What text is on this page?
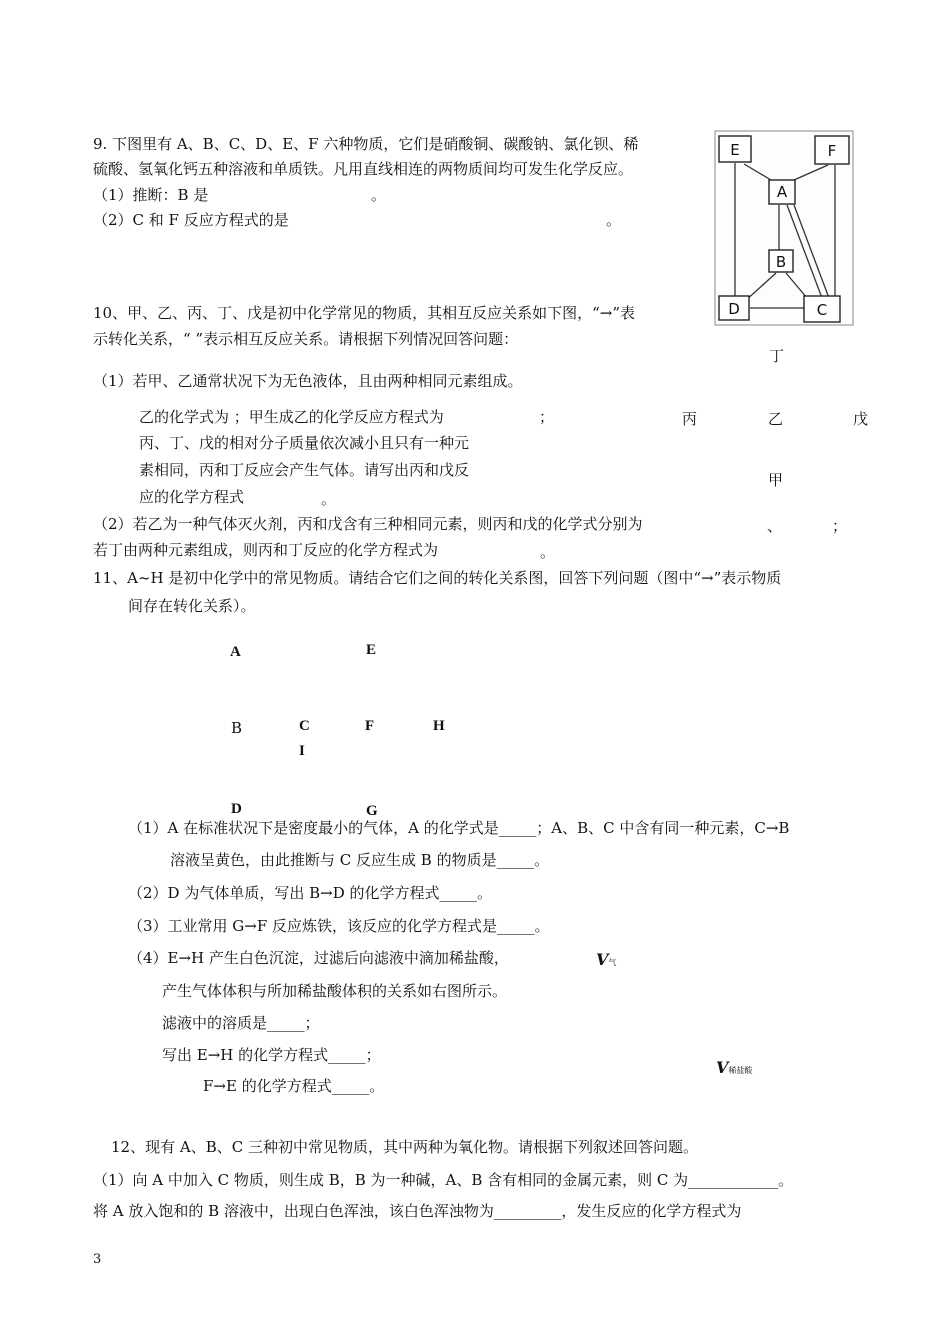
9. 下图里有 A、B、C、D、E、F 六种物质，它们是硝酸铜、碳酸钠、氯化钡、稀
硫酸、氢氧化钙五种溶液和单质铁。凡用直线相连的两物质间均可发生化学反应。
（1）推断：B 是	。
（2）C 和 F 反应方程式的是	。
E	F
A
B
D	C
10、甲、乙、丙、丁、戊是初中化学常见的物质，其相互反应关系如下图，“→”表
示转化关系，“ ”表示相互反应关系。请根据下列情况回答问题：
丁
（1）若甲、乙通常状况下为无色液体，且由两种相同元素组成。
乙的化学式为 ；甲生成乙的化学反应方程式为	；	丙	乙	戊
丙、丁、戊的相对分子质量依次减小且只有一种元
素相同，丙和丁反应会产生气体。请写出丙和戊反
甲
应的化学方程式	。
（2）若乙为一种气体灭火剂，丙和戊含有三种相同元素，则丙和戊的化学式分别为	、	；
若丁由两种元素组成，则丙和丁反应的化学方程式为	。
11、A~H 是初中化学中的常见物质。请结合它们之间的转化关系图，回答下列问题（图中“→”表示物质
间存在转化关系）。
A	E
B	C	F	H
I
D	G
（1）A 在标准状况下是密度最小的气体，A 的化学式是_____；A、B、C 中含有同一种元素，C→B
溶液呈黄色，由此推断与 C 反应生成 B 的物质是_____。
（2）D 为气体单质，写出 B→D 的化学方程式_____。
（3）工业常用 G→F 反应炼铁，该反应的化学方程式是_____。
（4）E→H 产生白色沉淀，过滤后向滤液中滴加稀盐酸，	V气
产生气体体积与所加稀盐酸体积的关系如右图所示。
滤液中的溶质是_____；
写出 E→H 的化学方程式_____；
V稀盐酸
F→E 的化学方程式_____。
12、现有 A、B、C 三种初中常见物质，其中两种为氧化物。请根据下列叙述回答问题。
（1）向 A 中加入 C 物质，则生成 B，B 为一种碱，A、B 含有相同的金属元素，则 C 为____________。
将 A 放入饱和的 B 溶液中，出现白色浑浊，该白色浑浊物为_________，发生反应的化学方程式为
3
